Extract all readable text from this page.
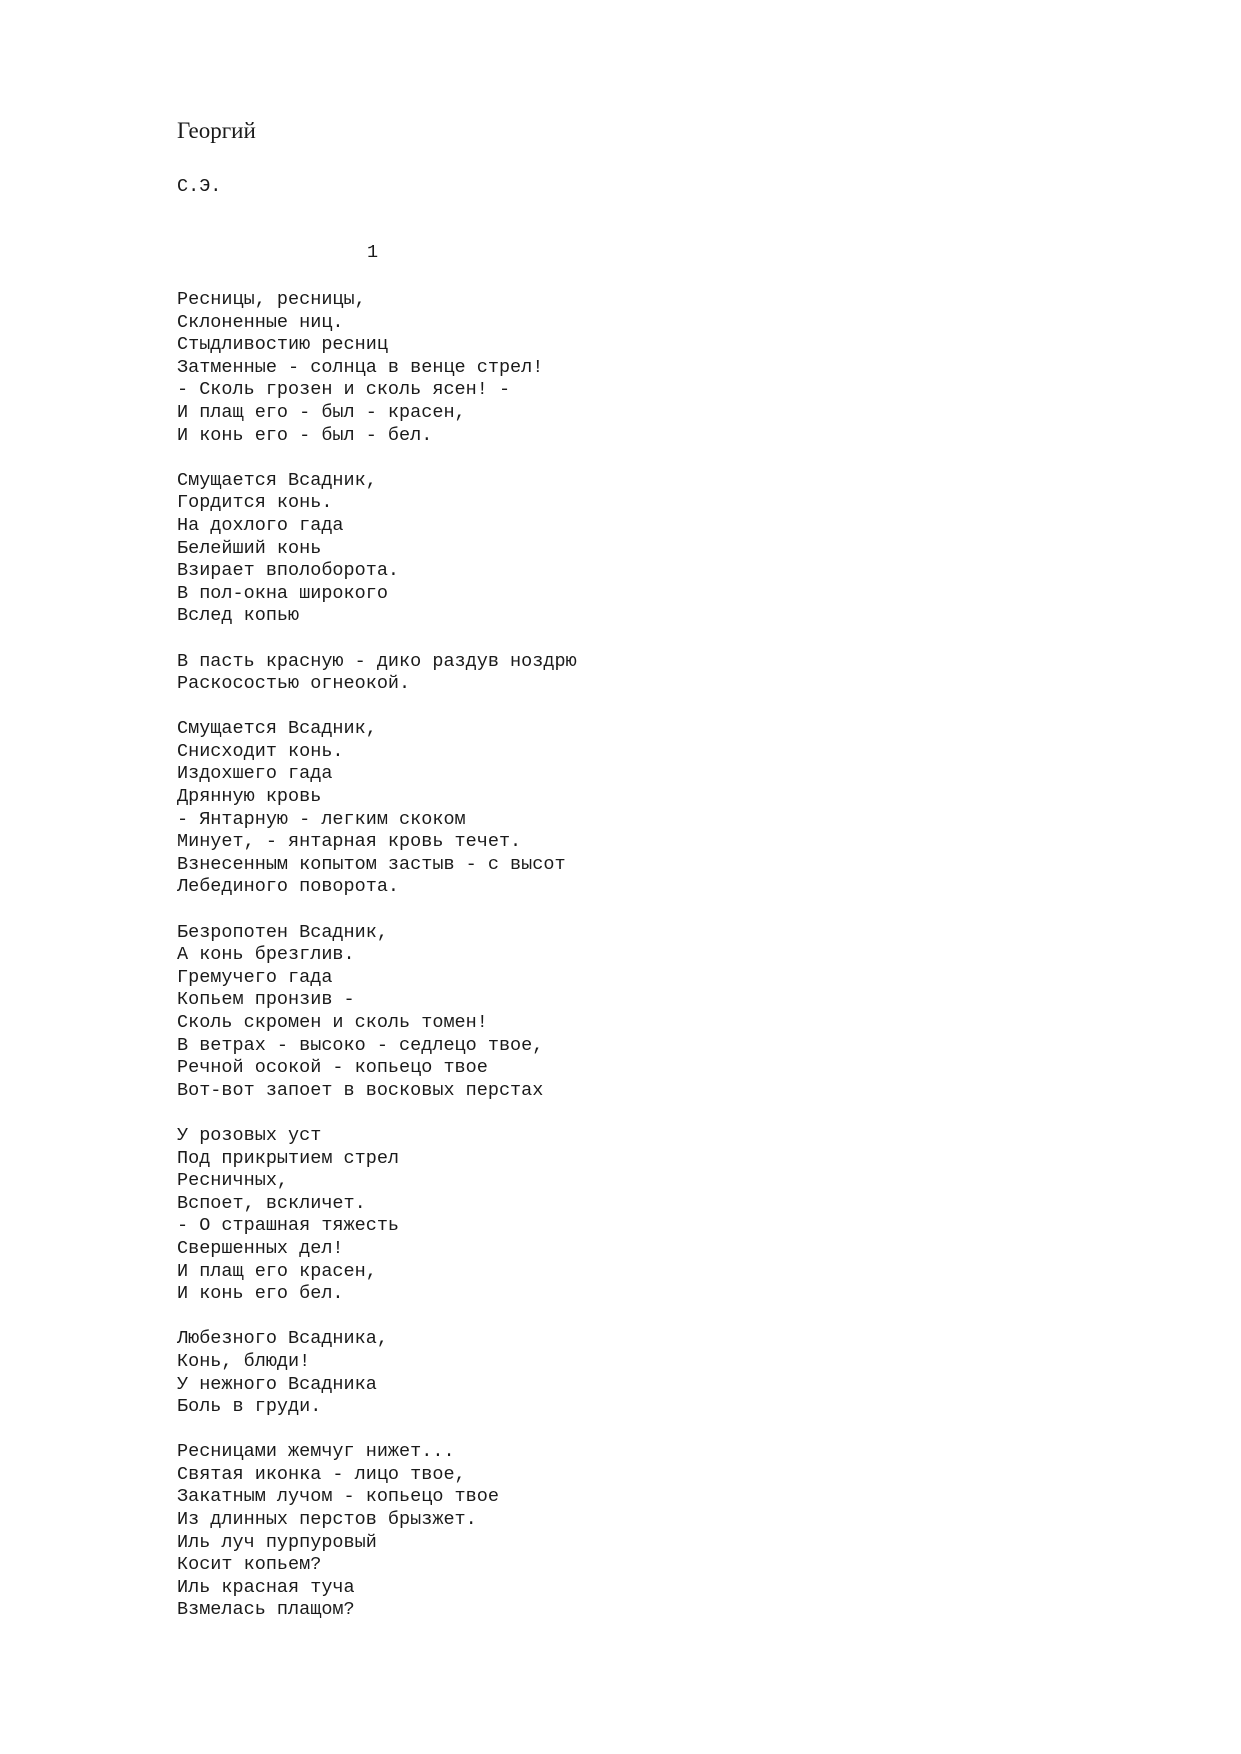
Георгий
С.Э.
1
Ресницы, ресницы,
Склоненные ниц.
Стыдливостию ресниц
Затменные - солнца в венце стрел!
- Сколь грозен и сколь ясен! -
И плащ его - был - красен,
И конь его - был - бел.
Смущается Всадник,
Гордится конь.
На дохлого гада
Белейший конь
Взирает вполоборота.
В пол-окна широкого
Вслед копью
В пасть красную - дико раздув ноздрю
Раскосостью огнеокой.
Смущается Всадник,
Снисходит конь.
Издохшего гада
Дрянную кровь
- Янтарную - легким скоком
Минует, - янтарная кровь течет.
Взнесенным копытом застыв - с высот
Лебединого поворота.
Безропотен Всадник,
А конь брезглив.
Гремучего гада
Копьем пронзив -
Сколь скромен и сколь томен!
В ветрах - высоко - седлецо твое,
Речной осокой - копьецо твое
Вот-вот запоет в восковых перстах
У розовых уст
Под прикрытием стрел
Ресничных,
Вспоет, вскличет.
- О страшная тяжесть
Свершенных дел!
И плащ его красен,
И конь его бел.
Любезного Всадника,
Конь, блюди!
У нежного Всадника
Боль в груди.
Ресницами жемчуг нижет...
Святая иконка - лицо твое,
Закатным лучом - копьецо твое
Из длинных перстов брызжет.
Иль луч пурпуровый
Косит копьем?
Иль красная туча
Взмелась плащом?
